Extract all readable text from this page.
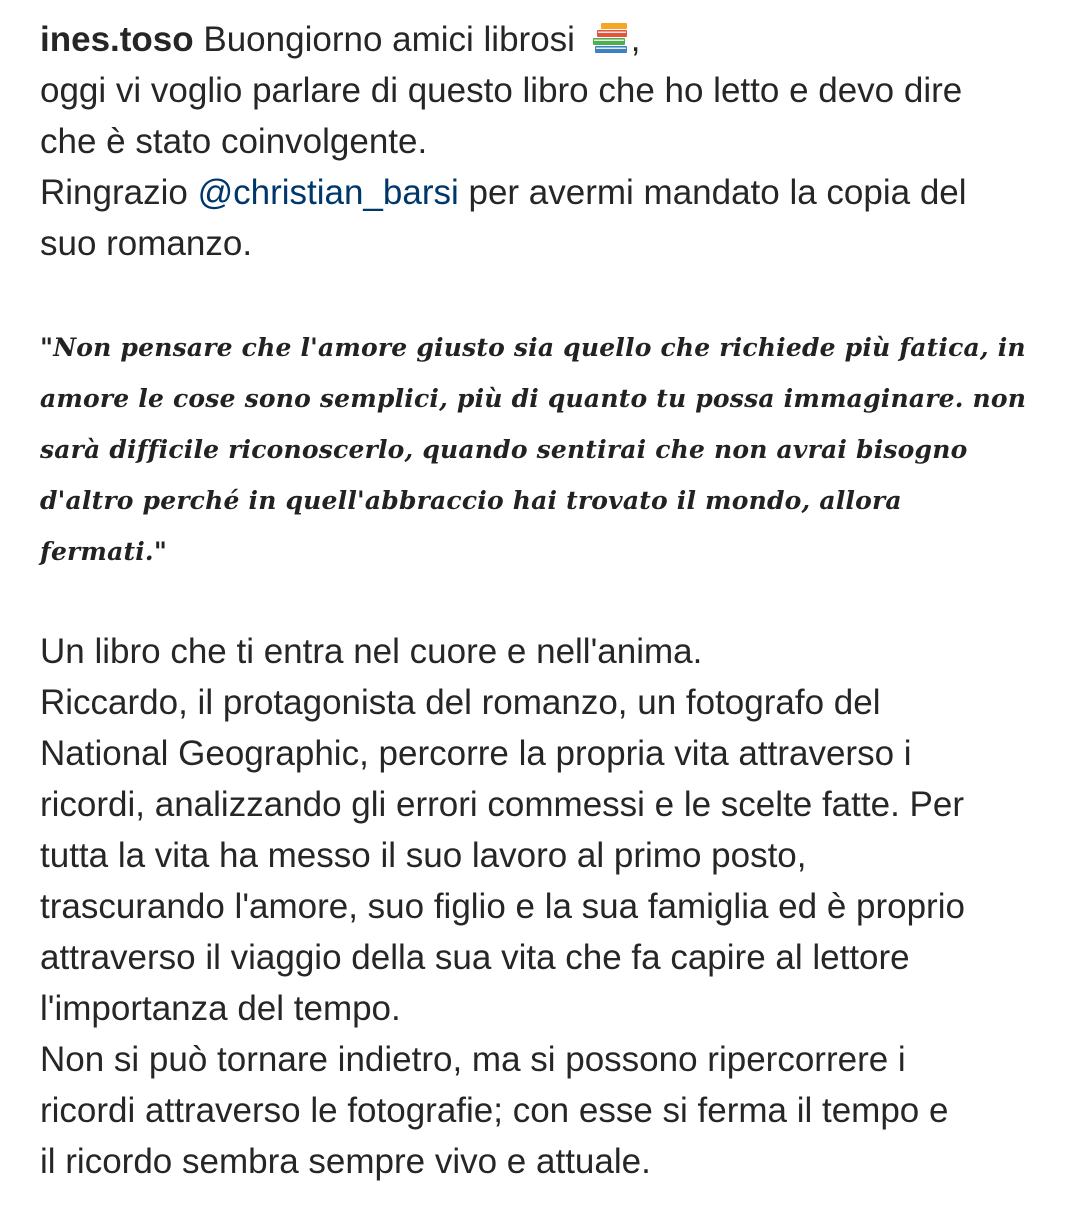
ines.toso Buongiorno amici librosi ,
oggi vi voglio parlare di questo libro che ho letto e devo dire
che è stato coinvolgente.
Ringrazio @christian_barsi per avermi mandato la copia del
suo romanzo.
"Non pensare che l'amore giusto sia quello che richiede più fatica, in
amore le cose sono semplici, più di quanto tu possa immaginare. non
sarà difficile riconoscerlo, quando sentirai che non avrai bisogno
d'altro perché in quell'abbraccio hai trovato il mondo, allora
fermati."
Un libro che ti entra nel cuore e nell'anima.
Riccardo, il protagonista del romanzo, un fotografo del
National Geographic, percorre la propria vita attraverso i
ricordi, analizzando gli errori commessi e le scelte fatte. Per
tutta la vita ha messo il suo lavoro al primo posto,
trascurando l'amore, suo figlio e la sua famiglia ed è proprio
attraverso il viaggio della sua vita che fa capire al lettore
l'importanza del tempo.
Non si può tornare indietro, ma si possono ripercorrere i
ricordi attraverso le fotografie; con esse si ferma il tempo e
il ricordo sembra sempre vivo e attuale.
